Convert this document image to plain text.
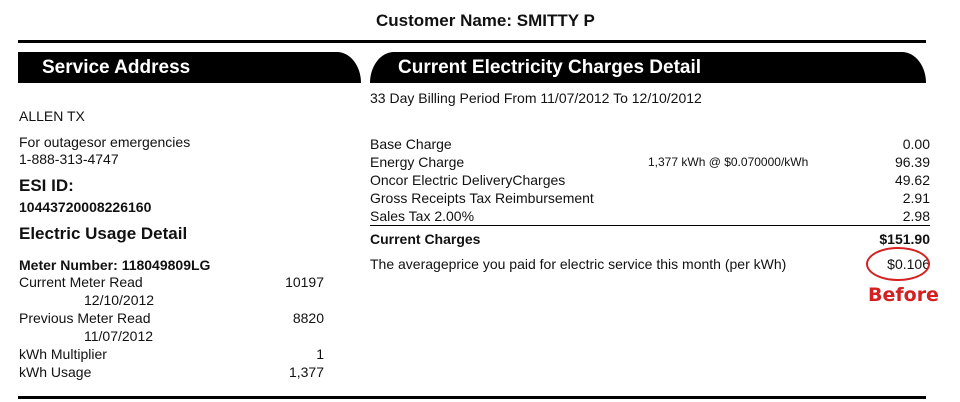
Customer Name: SMITTY P
Service Address
ALLEN TX
For outagesor emergencies
1-888-313-4747
ESI ID:
10443720008226160
Electric Usage Detail
Meter Number: 118049809LG
Current Meter Read	10197
12/10/2012
Previous Meter Read	8820
11/07/2012
kWh Multiplier	1
kWh Usage	1,377
Current Electricity Charges Detail
33 Day Billing Period From 11/07/2012 To 12/10/2012
Base Charge	0.00
Energy Charge	1,377 kWh @ $0.070000/kWh	96.39
Oncor Electric DeliveryCharges	49.62
Gross Receipts Tax Reimbursement	2.91
Sales Tax 2.00%	2.98
Current Charges	$151.90
The averageprice you paid for electric service this month (per kWh)	$0.106
Before
